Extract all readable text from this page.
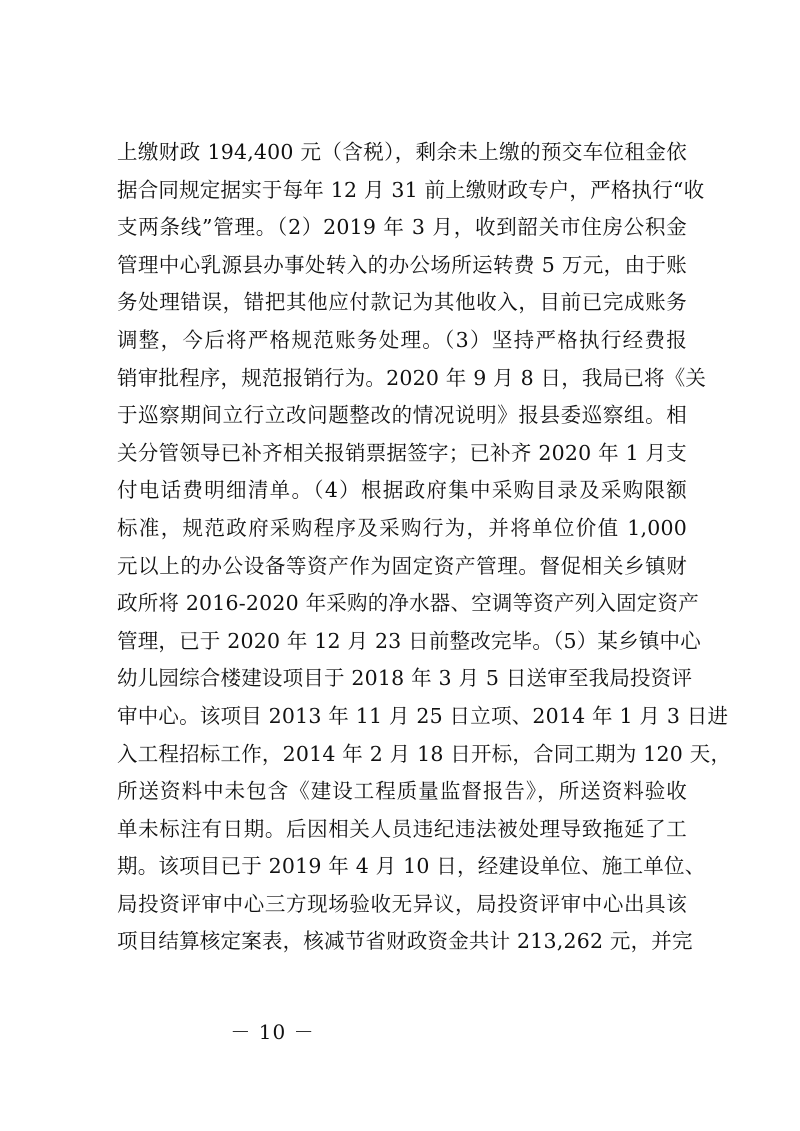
上缴财政 194,400 元（含税），剩余未上缴的预交车位租金依
据合同规定据实于每年 12 月 31 前上缴财政专户，严格执行“收
支两条线”管理。（2）2019 年 3 月，收到韶关市住房公积金
管理中心乳源县办事处转入的办公场所运转费 5 万元，由于账
务处理错误，错把其他应付款记为其他收入，目前已完成账务
调整，今后将严格规范账务处理。（3）坚持严格执行经费报
销审批程序，规范报销行为。2020 年 9 月 8 日，我局已将《关
于巡察期间立行立改问题整改的情况说明》报县委巡察组。相
关分管领导已补齐相关报销票据签字；已补齐 2020 年 1 月支
付电话费明细清单。（4）根据政府集中采购目录及采购限额
标准，规范政府采购程序及采购行为，并将单位价值 1,000
元以上的办公设备等资产作为固定资产管理。督促相关乡镇财
政所将 2016-2020 年采购的净水器、空调等资产列入固定资产
管理，已于 2020 年 12 月 23 日前整改完毕。（5）某乡镇中心
幼儿园综合楼建设项目于 2018 年 3 月 5 日送审至我局投资评
审中心。该项目 2013 年 11 月 25 日立项、2014 年 1 月 3 日进
入工程招标工作，2014 年 2 月 18 日开标，合同工期为 120 天，
所送资料中未包含《建设工程质量监督报告》，所送资料验收
单未标注有日期。后因相关人员违纪违法被处理导致拖延了工
期。该项目已于 2019 年 4 月 10 日，经建设单位、施工单位、
局投资评审中心三方现场验收无异议，局投资评审中心出具该
项目结算核定案表，核减节省财政资金共计 213,262 元，并完
－ 10 －
